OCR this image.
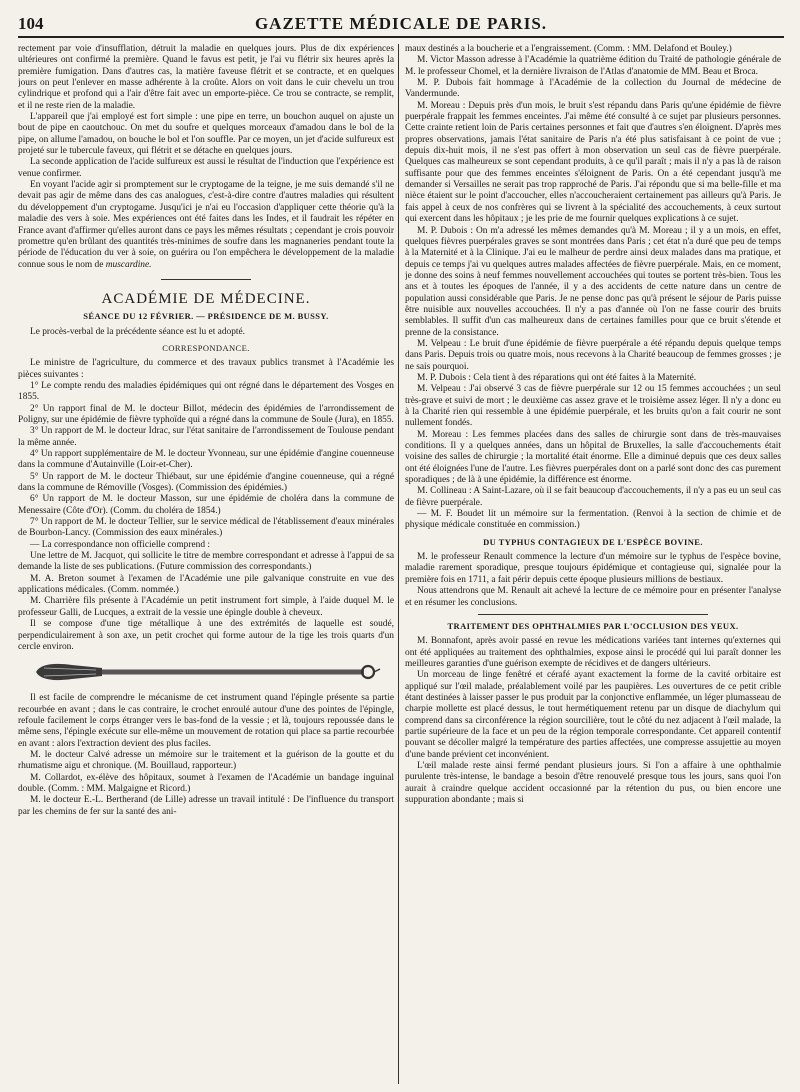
104	GAZETTE MÉDICALE DE PARIS.

rectement par voie d'insufflation, détruit la maladie en quelques jours. Plus de dix expériences ultérieures ont confirmé la première. Quand le favus est petit, je l'ai vu flétrir six heures après la première fumigation. Dans d'autres cas, la matière faveuse flétrit et se contracte, et en quelques jours on peut l'enlever en masse adhérente à la croûte. Alors on voit dans le cuir chevelu un trou cylindrique et profond qui a l'air d'être fait avec un emporte-pièce. Ce trou se contracte, se remplit, et il ne reste rien de la maladie.

L'appareil que j'ai employé est fort simple : une pipe en terre, un bouchon auquel on ajuste un bout de pipe en caoutchouc. On met du soufre et quelques morceaux d'amadou dans le bol de la pipe, on allume l'amadou, on bouche le bol et l'on souffle. Par ce moyen, un jet d'acide sulfureux est projeté sur le tubercule faveux, qui flétrit et se détache en quelques jours.

La seconde application de l'acide sulfureux est aussi le résultat de l'induction que l'expérience est venue confirmer.

En voyant l'acide agir si promptement sur le cryptogame de la teigne, je me suis demandé s'il ne devait pas agir de même dans des cas analogues, c'est-à-dire contre d'autres maladies qui résultent du développement d'un cryptogame. Jusqu'ici je n'ai eu l'occasion d'appliquer cette théorie qu'à la maladie des vers à soie. Mes expériences ont été faites dans les Indes, et il faudrait les répéter en France avant d'affirmer qu'elles auront dans ce pays les mêmes résultats ; cependant je crois pouvoir promettre qu'en brûlant des quantités très-minimes de soufre dans les magnaneries pendant toute la période de l'éducation du ver à soie, on guérira ou l'on empêchera le développement de la maladie connue sous le nom de muscardine.

ACADÉMIE DE MÉDECINE.

SÉANCE DU 12 FÉVRIER. — PRÉSIDENCE DE M. BUSSY.

Le procès-verbal de la précédente séance est lu et adopté.

CORRESPONDANCE.

Le ministre de l'agriculture, du commerce et des travaux publics transmet à l'Académie les pièces suivantes :

1° Le compte rendu des maladies épidémiques qui ont régné dans le département des Vosges en 1855.

2° Un rapport final de M. le docteur Billot, médecin des épidémies de l'arrondissement de Poligny, sur une épidémie de fièvre typhoïde qui a régné dans la commune de Soule (Jura), en 1855.

3° Un rapport de M. le docteur Idrac, sur l'état sanitaire de l'arrondissement de Toulouse pendant la même année.

4° Un rapport supplémentaire de M. le docteur Yvonneau, sur une épidémie d'angine couenneuse dans la commune d'Autainville (Loir-et-Cher).

5° Un rapport de M. le docteur Thiébaut, sur une épidémie d'angine couenneuse, qui a régné dans la commune de Rémoville (Vosges). (Commission des épidémies.)

6° Un rapport de M. le docteur Masson, sur une épidémie de choléra dans la commune de Menessaire (Côte d'Or). (Comm. du choléra de 1854.)

7° Un rapport de M. le docteur Tellier, sur le service médical de l'établissement d'eaux minérales de Bourbon-Lancy. (Commission des eaux minérales.)

— La correspondance non officielle comprend :

Une lettre de M. Jacquot, qui sollicite le titre de membre correspondant et adresse à l'appui de sa demande la liste de ses publications. (Future commission des correspondants.)

M. A. Breton soumet à l'examen de l'Académie une pile galvanique construite en vue des applications médicales. (Comm. nommée.)

M. Charrière fils présente à l'Académie un petit instrument fort simple, à l'aide duquel M. le professeur Galli, de Lucques, a extrait de la vessie une épingle double à cheveux.

Il se compose d'une tige métallique à une des extrémités de laquelle est soudé, perpendiculairement à son axe, un petit crochet qui forme autour de la tige les trois quarts d'un cercle environ.

Il est facile de comprendre le mécanisme de cet instrument quand l'épingle présente sa partie recourbée en avant ; dans le cas contraire, le crochet enroulé autour d'une des pointes de l'épingle, refoule facilement le corps étranger vers le bas-fond de la vessie ; et là, toujours repoussée dans le même sens, l'épingle exécute sur elle-même un mouvement de rotation qui place sa partie recourbée en avant : alors l'extraction devient des plus faciles.

M. le docteur Calvé adresse un mémoire sur le traitement et la guérison de la goutte et du rhumatisme aigu et chronique. (M. Bouillaud, rapporteur.)

M. Collardot, ex-élève des hôpitaux, soumet à l'examen de l'Académie un bandage inguinal double. (Comm. : MM. Malgaigne et Ricord.)

M. le docteur E.-L. Bertherand (de Lille) adresse un travail intitulé : De l'influence du transport par les chemins de fer sur la santé des ani-

maux destinés a la boucherie et a l'engraissement. (Comm. : MM. Delafond et Bouley.)

M. Victor Masson adresse à l'Académie la quatrième édition du Traité de pathologie générale de M. le professeur Chomel, et la dernière livraison de l'Atlas d'anatomie de MM. Beau et Broca.

M. P. Dubois fait hommage à l'Académie de la collection du Journal de médecine de Vandermunde.

M. Moreau : Depuis près d'un mois, le bruit s'est répandu dans Paris qu'une épidémie de fièvre puerpérale frappait les femmes enceintes. J'ai même été consulté à ce sujet par plusieurs personnes. Cette crainte retient loin de Paris certaines personnes et fait que d'autres s'en éloignent. D'après mes propres observations, jamais l'état sanitaire de Paris n'a été plus satisfaisant à ce point de vue ; depuis dix-huit mois, il ne s'est pas offert à mon observation un seul cas de fièvre puerpérale. Quelques cas malheureux se sont cependant produits, à ce qu'il paraît ; mais il n'y a pas là de raison suffisante pour que des femmes enceintes s'éloignent de Paris. On a été cependant jusqu'à me demander si Versailles ne serait pas trop rapproché de Paris. J'ai répondu que si ma belle-fille et ma nièce étaient sur le point d'accoucher, elles n'accoucheraient certainement pas ailleurs qu'à Paris. Je fais appel à ceux de nos confrères qui se livrent à la spécialité des accouchements, à ceux surtout qui exercent dans les hôpitaux ; je les prie de me fournir quelques explications à ce sujet.

M. P. Dubois : On m'a adressé les mêmes demandes qu'à M. Moreau ; il y a un mois, en effet, quelques fièvres puerpérales graves se sont montrées dans Paris ; cet état n'a duré que peu de temps à la Maternité et à la Clinique. J'ai eu le malheur de perdre ainsi deux malades dans ma pratique, et depuis ce temps j'ai vu quelques autres malades affectées de fièvre puerpérale. Mais, en ce moment, je donne des soins à neuf femmes nouvellement accouchées qui toutes se portent très-bien. Tous les ans et à toutes les époques de l'année, il y a des accidents de cette nature dans un centre de population aussi considérable que Paris. Je ne pense donc pas qu'à présent le séjour de Paris puisse être nuisible aux nouvelles accouchées. Il n'y a pas d'année où l'on ne fasse courir des bruits semblables. Il suffit d'un cas malheureux dans de certaines familles pour que ce bruit s'étende et prenne de la consistance.

M. Velpeau : Le bruit d'une épidémie de fièvre puerpérale a été répandu depuis quelque temps dans Paris. Depuis trois ou quatre mois, nous recevons à la Charité beaucoup de femmes grosses ; je ne sais pourquoi.

M. P. Dubois : Cela tient à des réparations qui ont été faites à la Maternité.

M. Velpeau : J'ai observé 3 cas de fièvre puerpérale sur 12 ou 15 femmes accouchées ; un seul très-grave et suivi de mort ; le deuxième cas assez grave et le troisième assez léger. Il n'y a donc eu à la Charité rien qui ressemble à une épidémie puerpérale, et les bruits qu'on a fait courir ne sont nullement fondés.

M. Moreau : Les femmes placées dans des salles de chirurgie sont dans de très-mauvaises conditions. Il y a quelques années, dans un hôpital de Bruxelles, la salle d'accouchements était voisine des salles de chirurgie ; la mortalité était énorme. Elle a diminué depuis que ces deux salles ont été éloignées l'une de l'autre. Les fièvres puerpérales dont on a parlé sont donc des cas purement sporadiques ; de là à une épidémie, la différence est énorme.

M. Collineau : A Saint-Lazare, où il se fait beaucoup d'accouchements, il n'y a pas eu un seul cas de fièvre puerpérale.

— M. F. Boudet lit un mémoire sur la fermentation. (Renvoi à la section de chimie et de physique médicale constituée en commission.)

DU TYPHUS CONTAGIEUX DE L'ESPÈCE BOVINE.

M. le professeur Renault commence la lecture d'un mémoire sur le typhus de l'espèce bovine, maladie rarement sporadique, presque toujours épidémique et contagieuse qui, signalée pour la première fois en 1711, a fait périr depuis cette époque plusieurs millions de bestiaux.

Nous attendrons que M. Renault ait achevé la lecture de ce mémoire pour en présenter l'analyse et en résumer les conclusions.

TRAITEMENT DES OPHTHALMIES PAR L'OCCLUSION DES YEUX.

M. Bonnafont, après avoir passé en revue les médications variées tant internes qu'externes qui ont été appliquées au traitement des ophthalmies, expose ainsi le procédé qui lui paraît donner les meilleures garanties d'une guérison exempte de récidives et de dangers ultérieurs.

Un morceau de linge fenêtré et cérafé ayant exactement la forme de la cavité orbitaire est appliqué sur l'œil malade, préalablement voilé par les paupières. Les ouvertures de ce petit crible étant destinées à laisser passer le pus produit par la conjonctive enflammée, un léger plumasseau de charpie mollette est placé dessus, le tout hermétiquement retenu par un disque de diachylum qui comprend dans sa circonférence la région sourcilière, tout le côté du nez adjacent à l'œil malade, la partie supérieure de la face et un peu de la région temporale correspondante. Cet appareil contentif pouvant se décoller malgré la température des parties affectées, une compresse assujettie au moyen d'une bande prévient cet inconvénient.

L'œil malade reste ainsi fermé pendant plusieurs jours. Si l'on a affaire à une ophthalmie purulente très-intense, le bandage a besoin d'être renouvelé presque tous les jours, sans quoi l'on aurait à craindre quelque accident occasionné par la rétention du pus, ou bien encore une suppuration abondante ; mais si
